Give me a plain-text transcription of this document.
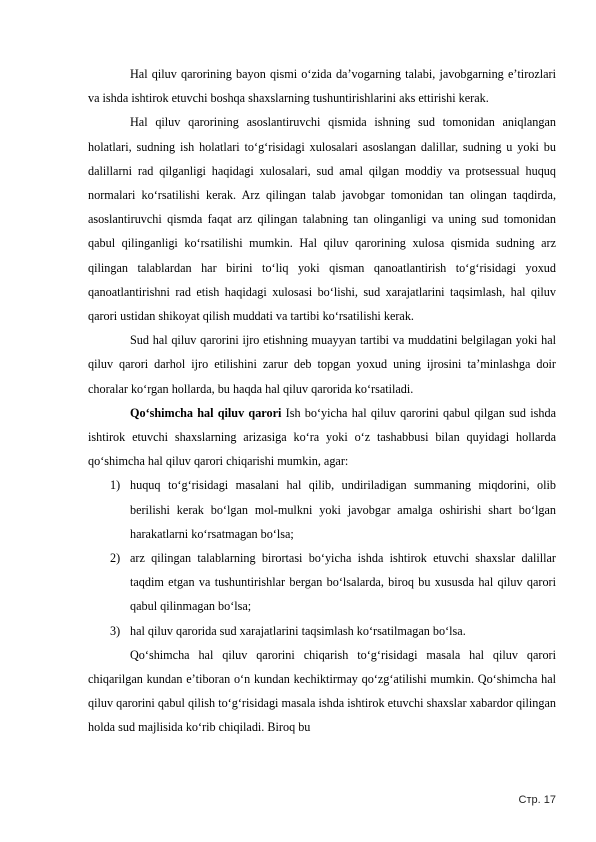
Hal qiluv qarorining bayon qismi oʻzida daʼvogarning talabi, javobgarning eʼtirozlari va ishda ishtirok etuvchi boshqa shaxslarning tushuntirishlarini aks ettirishi kerak.

Hal qiluv qarorining asoslantiruvchi qismida ishning sud tomonidan aniqlangan holatlari, sudning ish holatlari toʻgʻrisidagi xulosalari asoslangan dalillar, sudning u yoki bu dalillarni rad qilganligi haqidagi xulosalari, sud amal qilgan moddiy va protsessual huquq normalari koʻrsatilishi kerak. Arz qilingan talab javobgar tomonidan tan olingan taqdirda, asoslantiruvchi qismda faqat arz qilingan talabning tan olinganligi va uning sud tomonidan qabul qilinganligi koʻrsatilishi mumkin. Hal qiluv qarorining xulosa qismida sudning arz qilingan talablardan har birini toʻliq yoki qisman qanoatlantirish toʻgʻrisidagi yoxud qanoatlantirishni rad etish haqidagi xulosasi boʻlishi, sud xarajatlarini taqsimlash, hal qiluv qarori ustidan shikoyat qilish muddati va tartibi koʻrsatilishi kerak.

Sud hal qiluv qarorini ijro etishning muayyan tartibi va muddatini belgilagan yoki hal qiluv qarori darhol ijro etilishini zarur deb topgan yoxud uning ijrosini taʼminlashga doir choralar koʻrgan hollarda, bu haqda hal qiluv qarorida koʻrsatiladi.

Qoʻshimcha hal qiluv qarori Ish boʻyicha hal qiluv qarorini qabul qilgan sud ishda ishtirok etuvchi shaxslarning arizasiga koʻra yoki oʻz tashabbusi bilan quyidagi hollarda qoʻshimcha hal qiluv qarori chiqarishi mumkin, agar:

1) huquq toʻgʻrisidagi masalani hal qilib, undiriladigan summaning miqdorini, olib berilishi kerak boʻlgan mol-mulkni yoki javobgar amalga oshirishi shart boʻlgan harakatlarni koʻrsatmagan boʻlsa;
2) arz qilingan talablarning birortasi boʻyicha ishda ishtirok etuvchi shaxslar dalillar taqdim etgan va tushuntirishlar bergan boʻlsalarda, biroq bu xususda hal qiluv qarori qabul qilinmagan boʻlsa;
3) hal qiluv qarorida sud xarajatlarini taqsimlash koʻrsatilmagan boʻlsa.

Qoʻshimcha hal qiluv qarorini chiqarish toʻgʻrisidagi masala hal qiluv qarori chiqarilgan kundan eʼtiboran oʻn kundan kechiktirmay qoʻzgʻatilishi mumkin. Qoʻshimcha hal qiluv qarorini qabul qilish toʻgʻrisidagi masala ishda ishtirok etuvchi shaxslar xabardor qilingan holda sud majlisida koʻrib chiqiladi. Biroq bu

Стр. 17
